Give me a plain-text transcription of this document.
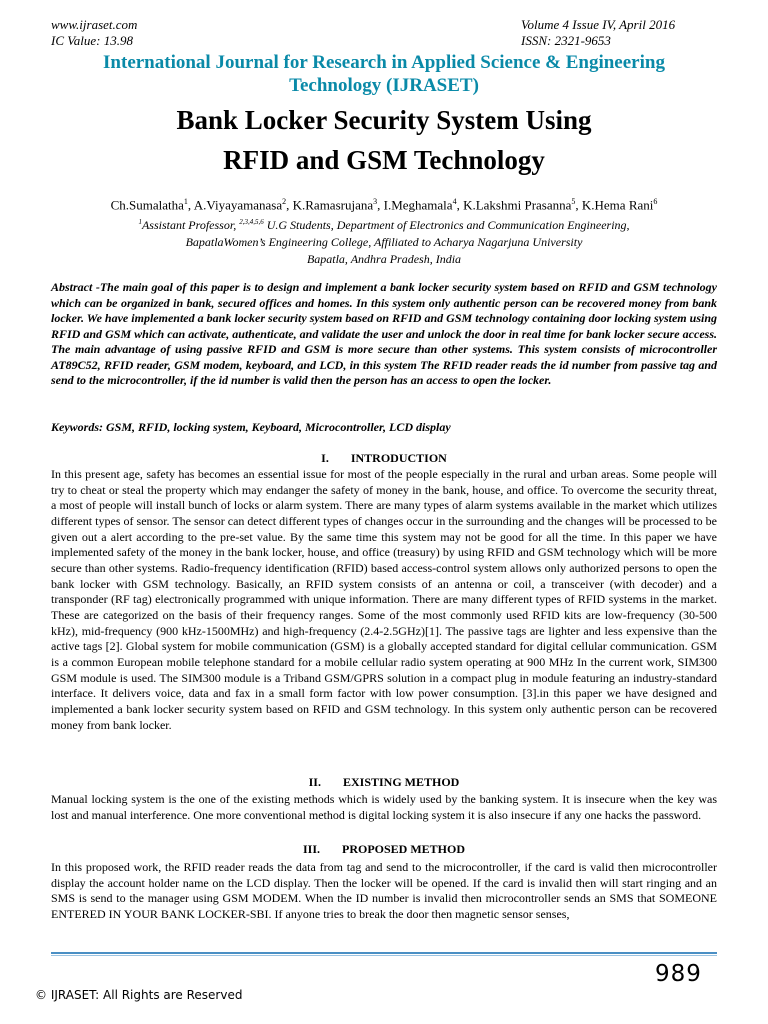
www.ijraset.com
IC Value: 13.98
Volume 4 Issue IV, April 2016
ISSN: 2321-9653
International Journal for Research in Applied Science & Engineering
Technology (IJRASET)
Bank Locker Security System Using
RFID and GSM Technology
Ch.Sumalatha$^1$, A.Viyayamanasa$^2$, K.Ramasrujana$^3$, I.Meghamala$^4$, K.Lakshmi Prasanna$^5$, K.Hema Rani$^6$
$^1$Assistant Professor, $^{2,3,4,5,6}$ U.G Students, Department of Electronics and Communication Engineering,
BapatlaWomen’s Engineering College, Affiliated to Acharya Nagarjuna University
Bapatla, Andhra Pradesh, India
Abstract -The main goal of this paper is to design and implement a bank locker security system based on RFID and GSM technology which can be organized in bank, secured offices and homes. In this system only authentic person can be recovered money from bank locker. We have implemented a bank locker security system based on RFID and GSM technology containing door locking system using RFID and GSM which can activate, authenticate, and validate the user and unlock the door in real time for bank locker secure access. The main advantage of using passive RFID and GSM is more secure than other systems. This system consists of microcontroller AT89C52, RFID reader, GSM modem, keyboard, and LCD, in this system The RFID reader reads the id number from passive tag and send to the microcontroller, if the id number is valid then the person has an access to open the locker.
Keywords: GSM, RFID, locking system, Keyboard, Microcontroller, LCD display
I. INTRODUCTION
In this present age, safety has becomes an essential issue for most of the people especially in the rural and urban areas. Some people will try to cheat or steal the property which may endanger the safety of money in the bank, house, and office. To overcome the security threat, a most of people will install bunch of locks or alarm system. There are many types of alarm systems available in the market which utilizes different types of sensor. The sensor can detect different types of changes occur in the surrounding and the changes will be processed to be given out a alert according to the pre-set value. By the same time this system may not be good for all the time. In this paper we have implemented safety of the money in the bank locker, house, and office (treasury) by using RFID and GSM technology which will be more secure than other systems. Radio-frequency identification (RFID) based access-control system allows only authorized persons to open the bank locker with GSM technology. Basically, an RFID system consists of an antenna or coil, a transceiver (with decoder) and a transponder (RF tag) electronically programmed with unique information. There are many different types of RFID systems in the market. These are categorized on the basis of their frequency ranges. Some of the most commonly used RFID kits are low-frequency (30-500 kHz), mid-frequency (900 kHz-1500MHz) and high-frequency (2.4-2.5GHz)[1]. The passive tags are lighter and less expensive than the active tags [2]. Global system for mobile communication (GSM) is a globally accepted standard for digital cellular communication. GSM is a common European mobile telephone standard for a mobile cellular radio system operating at 900 MHz In the current work, SIM300 GSM module is used. The SIM300 module is a Triband GSM/GPRS solution in a compact plug in module featuring an industry-standard interface. It delivers voice, data and fax in a small form factor with low power consumption. [3].in this paper we have designed and implemented a bank locker security system based on RFID and GSM technology. In this system only authentic person can be recovered money from bank locker.
II. EXISTING METHOD
Manual locking system is the one of the existing methods which is widely used by the banking system. It is insecure when the key was lost and manual interference. One more conventional method is digital locking system it is also insecure if any one hacks the password.
III. PROPOSED METHOD
In this proposed work, the RFID reader reads the data from tag and send to the microcontroller, if the card is valid then microcontroller display the account holder name on the LCD display. Then the locker will be opened. If the card is invalid then will start ringing and an SMS is send to the manager using GSM MODEM. When the ID number is invalid then microcontroller sends an SMS that SOMEONE ENTERED IN YOUR BANK LOCKER-SBI. If anyone tries to break the door then magnetic sensor senses,
989
© IJRASET: All Rights are Reserved
